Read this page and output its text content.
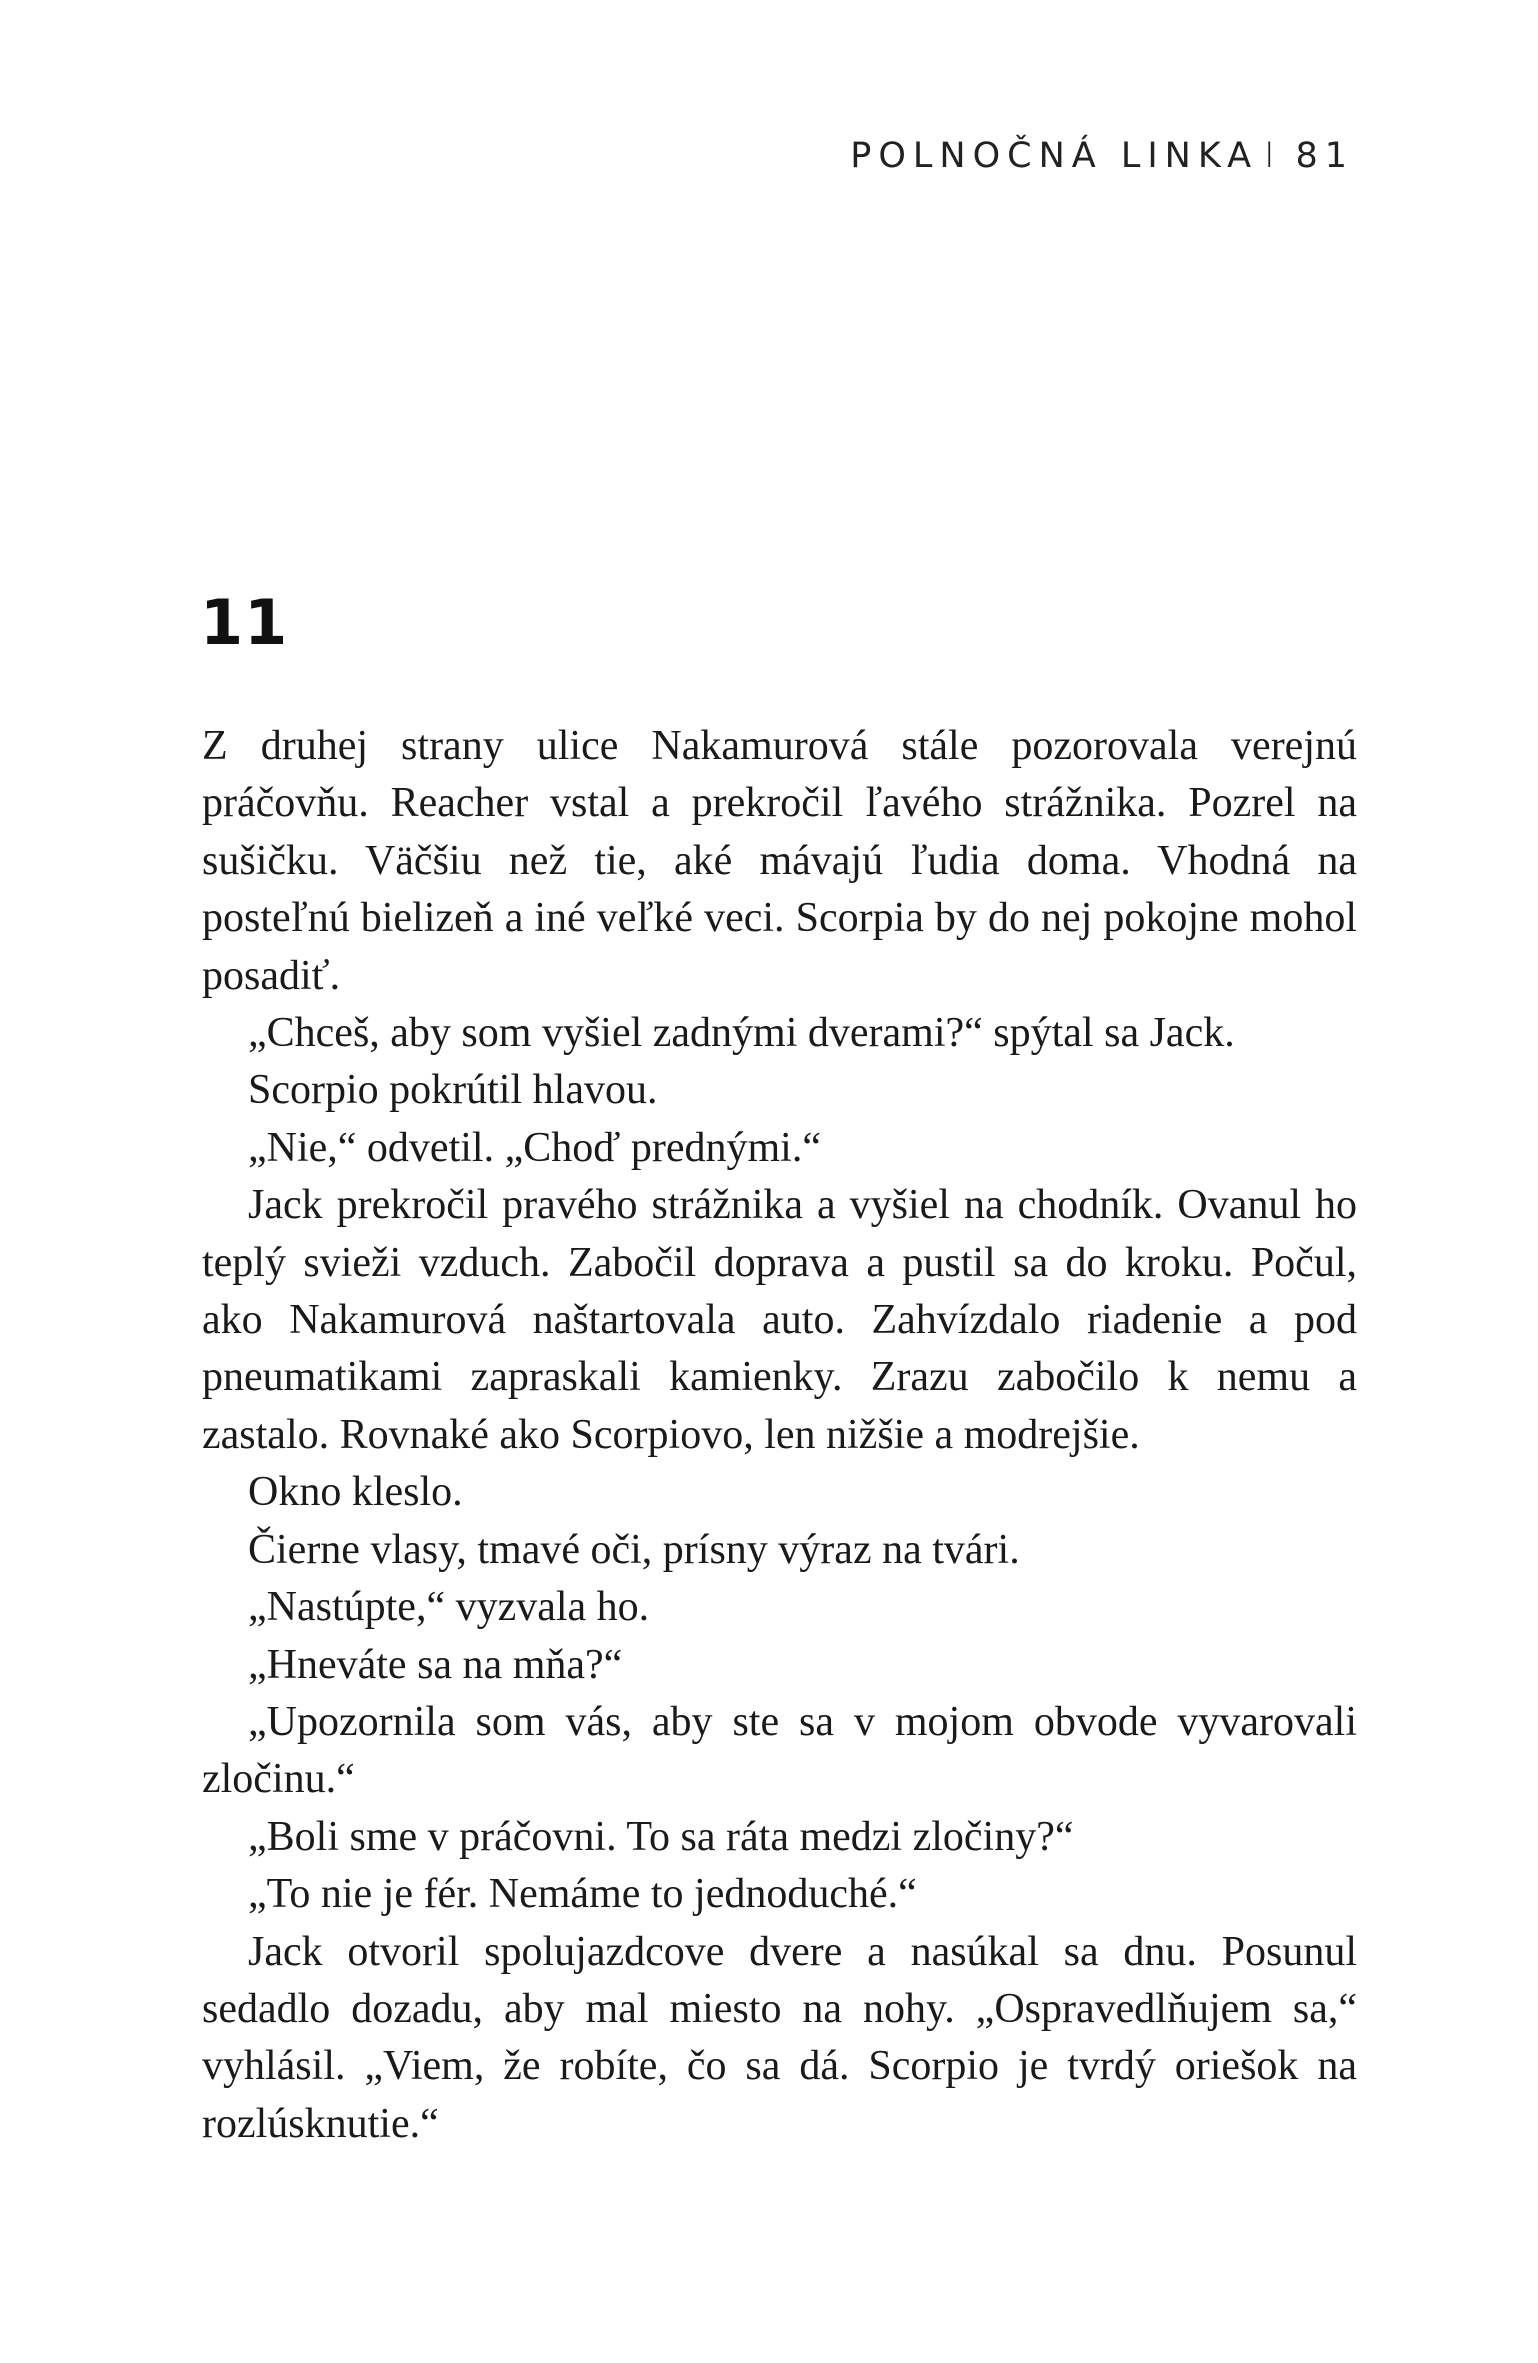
POLNOČNÁ LINKA I 81
11

Z druhej strany ulice Nakamurová stále pozorovala verejnú práčovňu. Reacher vstal a prekročil ľavého strážnika. Pozrel na sušičku. Väčšiu než tie, aké mávajú ľudia doma. Vhodná na posteľnú bielizeň a iné veľké veci. Scorpia by do nej pokojne mohol posadiť.

„Chceš, aby som vyšiel zadnými dverami?“ spýtal sa Jack.

Scorpio pokrútil hlavou.

„Nie,“ odvetil. „Choď prednými.“

Jack prekročil pravého strážnika a vyšiel na chodník. Ovanul ho teplý svieži vzduch. Zabočil doprava a pustil sa do kroku. Počul, ako Nakamurová naštartovala auto. Zahvízdalo riadenie a pod pneumatikami zapraskali kamienky. Zrazu zabočilo k nemu a zastalo. Rovnaké ako Scorpiovo, len nižšie a modrejšie.

Okno kleslo.

Čierne vlasy, tmavé oči, prísny výraz na tvári.

„Nastúpte,“ vyzvala ho.

„Hneváte sa na mňa?“

„Upozornila som vás, aby ste sa v mojom obvode vyvarovali zločinu.“

„Boli sme v práčovni. To sa ráta medzi zločiny?“

„To nie je fér. Nemáme to jednoduché.“

Jack otvoril spolujazdcove dvere a nasúkal sa dnu. Posunul sedadlo dozadu, aby mal miesto na nohy. „Ospravedlňujem sa,“ vyhlásil. „Viem, že robíte, čo sa dá. Scorpio je tvrdý oriešok na rozlúsknutie.“
